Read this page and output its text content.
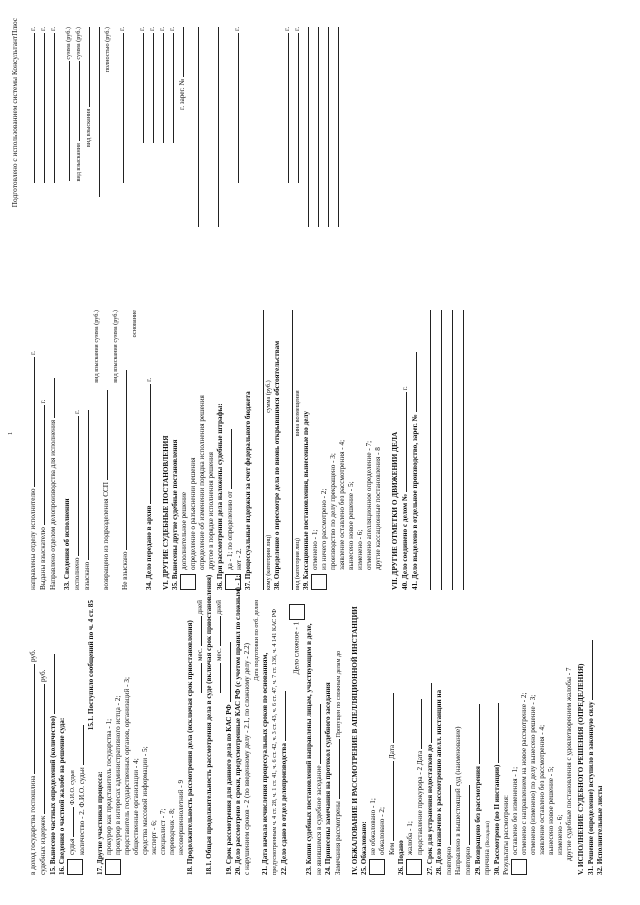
Подготовлено с использованием системы КонсультантПлюс
1
в доход государства госпошлина  руб.
судебных издержек  руб.
15. Вынесено частных определений (количество) 16. Сведения о частной жалобе на решение суда: судья  Ф.И.О. судьи количество - 2. Ф.И.О. судьи
15.1. Поступило сообщений по ч. 4 ст. 85
17. Другие участники процесса: прокурор как представитель государства - 1; прокурор в интересах административного истца - 2; представитель государственных органов, организаций - 3; общественные организации - 4; средства массовой информации - 5; эксперт - 6; специалист - 7; переводчик - 8; несовершеннолетний - 9 18. Продолжительность рассмотрения дела (исключая срок приостановления) мес.  дней 18.1. Общая продолжительность рассмотрения дела в суде (включая срок приостановления) мес.  дней
19. Срок рассмотрения для данного дела по КАС РФ 20. Дело рассмотрено в сроки, предусмотренные КАС РФ (с учетом правил по сложным) - 1; с нарушением сроков - 2 (по введенному делу - 2.1, по сложному делу - 2.2)
Дата подготовки по отб. делам
21. Дата начала исчисления процессуальных сроков по основаниям, предусмотренным ч. 4 ст. 28, ч. 1 ст. 41, ч. 6 ст. 42, ч. 3 ст. 43, ч. 6 ст. 47, ч. 7 ст. 136, ч. 4 141 КАС РФ 22. Дело сдано в отдел делопроизводства
Дело сложное - 1 23. Копии судебных постановлений направлены лицам, участвующим в деле, не явившимся в судебное заседание 24. Принесены замечания на протокол судебного заседания Замечания рассмотрены  Пропущен по сложным делам до IV. ОБЖАЛОВАНИЕ И РАССМОТРЕНИЕ В АПЕЛЛЯЦИОННОЙ ИНСТАНЦИИ 25. Обжаловано: не обжаловано - 1; обжаловано - 2; Кем  Дата
26. Подано
жалоба - 1; представление прокурора - 2 Дата 27. Срок для устранения недостатков до 28. Дело назначено к рассмотрению апелл. инстанции на повторно Направлено в вышестоящий суд (наименование) повторно 29. Возвращено без рассмотрения причина (Вкладыш) 30. Рассмотрено (во II инстанции) Результаты рассмотрения: оставлено без изменения - 1; отменено с направлением на новое рассмотрение - 2; отменено (изменено) по делу вынесено решение - 3; заявление оставлено без рассмотрения - 4; вынесено новое решение - 5; изменено - 6; другие судебные постановления с удовлетворением жалобы - 7 V. ИСПОЛНЕНИЕ СУДЕБНОГО РЕШЕНИЯ (ОПРЕДЕЛЕНИЯ) 31. Решение (определение) вступило в законную силу 32. Исполнительные листы
направлены отделу исполнителю  г.
Выданы взыскателю  г.
Направлено отделом делопроизводства для исполнения 33. Сведения об исполнении исполнено  г.
взыскано
вид взыскания сумма (руб.)
возвращено из подразделения ССП
вид взыскания сумма (руб.)
Не взыскано
основание
34. Дело передано в архив  г.
VI. ДРУГИЕ СУДЕБНЫЕ ПОСТАНОВЛЕНИЯ 35. Вынесены другие судебные постановления дополнительное решение определение о разъяснении решения определение об изменении порядка исполнения решения другое в порядке исполнения решения 36. При рассмотрении дела наложены судебные штрафы: да - 1; по определению от
нет - 2. 37. Процессуальные издержки за счет федерального бюджета кому (категория лиц) сумма (руб.) 38. Определение о пересмотре дела по вновь открывшимся обстоятельствам вид (категория лиц) вина возмещения 39. Кассационные постановления, вынесенные по делу отменено - 1; из ничего рассмотрено - 2; производство по делу прекращено - 3; заявление оставлено без рассмотрения - 4; вынесено новое решение - 5; изменено - 6; отменено апелляционное определение - 7; другие кассационные постановления - 8 VII. ДРУГИЕ ОТМЕТКИ О ДВИЖЕНИИ ДЕЛА 40. Дело соединено с делом №  г.
41. Дело выделено в отдельное производство, зарег. №
г. г. г.	сумма (руб.)
вид взыскания  сумма (руб.)
вид взыскания
полностью (руб.) г. г. г. г. г.
г. зарег. №
г.	г. г.
